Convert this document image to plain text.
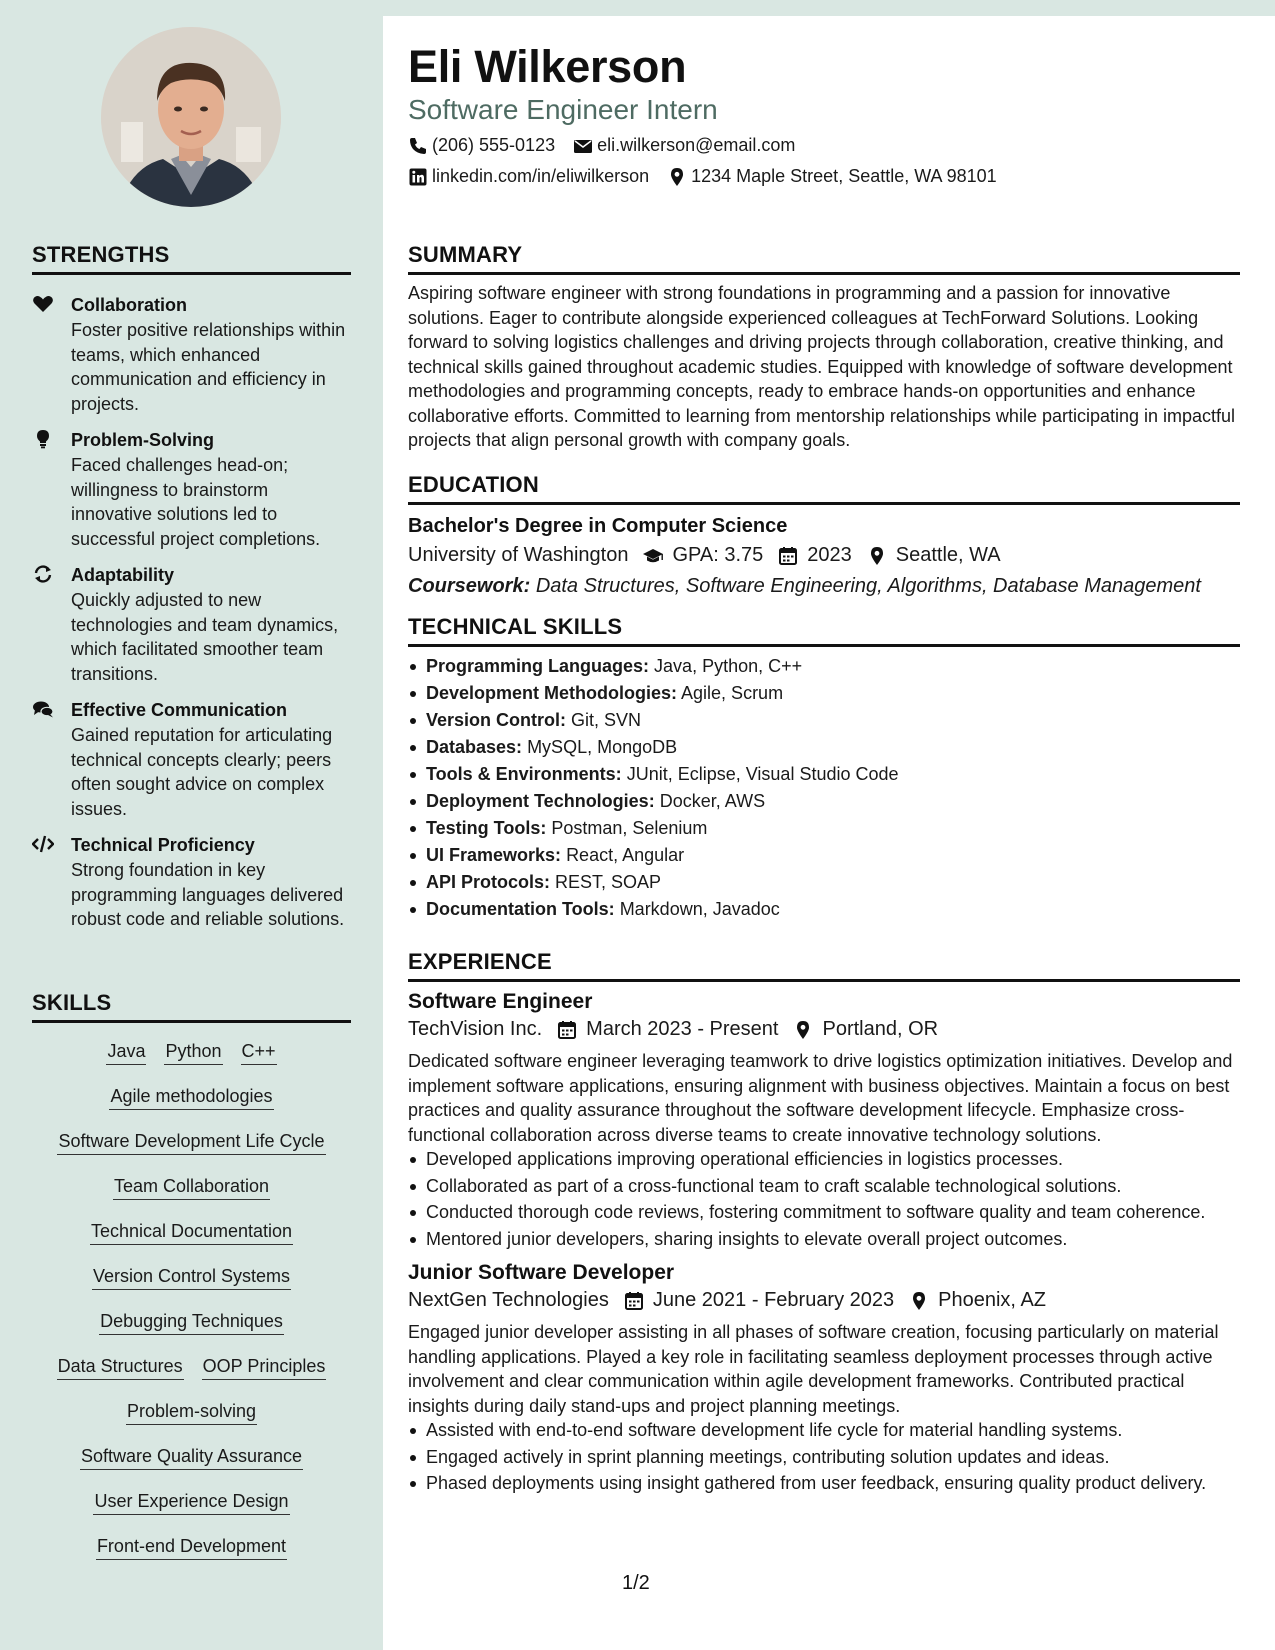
STRENGTHS
Collaboration
Foster positive relationships within teams, which enhanced communication and efficiency in projects.
Problem-Solving
Faced challenges head-on; willingness to brainstorm innovative solutions led to successful project completions.
Adaptability
Quickly adjusted to new technologies and team dynamics, which facilitated smoother team transitions.
Effective Communication
Gained reputation for articulating technical concepts clearly; peers often sought advice on complex issues.
Technical Proficiency
Strong foundation in key programming languages delivered robust code and reliable solutions.
SKILLS
Java Python C++
Agile methodologies
Software Development Life Cycle
Team Collaboration
Technical Documentation
Version Control Systems
Debugging Techniques
Data Structures OOP Principles
Problem-solving
Software Quality Assurance
User Experience Design
Front-end Development
Eli Wilkerson
Software Engineer Intern
(206) 555-0123 eli.wilkerson@email.com
linkedin.com/in/eliwilkerson 1234 Maple Street, Seattle, WA 98101
SUMMARY

Aspiring software engineer with strong foundations in programming and a passion for innovative solutions. Eager to contribute alongside experienced colleagues at TechForward Solutions. Looking forward to solving logistics challenges and driving projects through collaboration, creative thinking, and technical skills gained throughout academic studies. Equipped with knowledge of software development methodologies and programming concepts, ready to embrace hands-on opportunities and enhance collaborative efforts. Committed to learning from mentorship relationships while participating in impactful projects that align personal growth with company goals.

EDUCATION
Bachelor's Degree in Computer Science
University of Washington GPA: 3.75 2023 Seattle, WA
Coursework: Data Structures, Software Engineering, Algorithms, Database Management
TECHNICAL SKILLS
Programming Languages: Java, Python, C++
Development Methodologies: Agile, Scrum
Version Control: Git, SVN
Databases: MySQL, MongoDB
Tools & Environments: JUnit, Eclipse, Visual Studio Code
Deployment Technologies: Docker, AWS
Testing Tools: Postman, Selenium
UI Frameworks: React, Angular
API Protocols: REST, SOAP
Documentation Tools: Markdown, Javadoc
EXPERIENCE
Software Engineer
TechVision Inc. March 2023 - Present Portland, OR

Dedicated software engineer leveraging teamwork to drive logistics optimization initiatives. Develop and implement software applications, ensuring alignment with business objectives. Maintain a focus on best practices and quality assurance throughout the software development lifecycle. Emphasize cross-functional collaboration across diverse teams to create innovative technology solutions.

Developed applications improving operational efficiencies in logistics processes.
Collaborated as part of a cross-functional team to craft scalable technological solutions.
Conducted thorough code reviews, fostering commitment to software quality and team coherence.
Mentored junior developers, sharing insights to elevate overall project outcomes.
Junior Software Developer
NextGen Technologies June 2021 - February 2023 Phoenix, AZ

Engaged junior developer assisting in all phases of software creation, focusing particularly on material handling applications. Played a key role in facilitating seamless deployment processes through active involvement and clear communication within agile development frameworks. Contributed practical insights during daily stand-ups and project planning meetings.

Assisted with end-to-end software development life cycle for material handling systems.
Engaged actively in sprint planning meetings, contributing solution updates and ideas.
Phased deployments using insight gathered from user feedback, ensuring quality product delivery.
1/2
